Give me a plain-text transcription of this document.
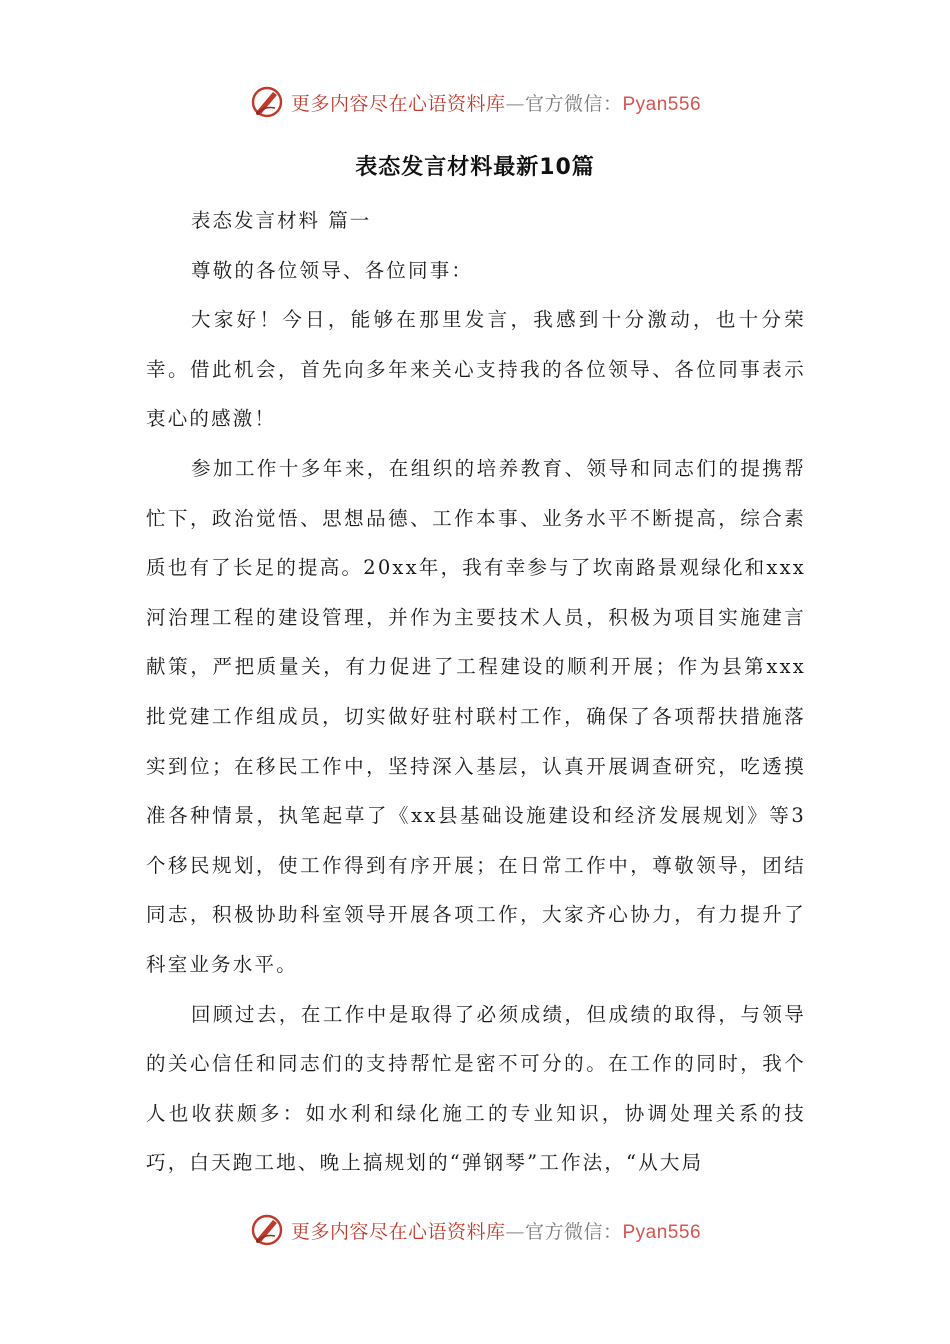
更多内容尽在心语资料库—官方微信：Pyan556
表态发言材料最新10篇

表态发言材料 篇一

尊敬的各位领导、各位同事：

大家好！今日，能够在那里发言，我感到十分激动，也十分荣幸。借此机会，首先向多年来关心支持我的各位领导、各位同事表示衷心的感激！

参加工作十多年来，在组织的培养教育、领导和同志们的提携帮忙下，政治觉悟、思想品德、工作本事、业务水平不断提高，综合素质也有了长足的提高。20xx年，我有幸参与了坎南路景观绿化和xxx河治理工程的建设管理，并作为主要技术人员，积极为项目实施建言献策，严把质量关，有力促进了工程建设的顺利开展；作为县第xxx批党建工作组成员，切实做好驻村联村工作，确保了各项帮扶措施落实到位；在移民工作中，坚持深入基层，认真开展调查研究，吃透摸准各种情景，执笔起草了《xx县基础设施建设和经济发展规划》等3个移民规划，使工作得到有序开展；在日常工作中，尊敬领导，团结同志，积极协助科室领导开展各项工作，大家齐心协力，有力提升了科室业务水平。

回顾过去，在工作中是取得了必须成绩，但成绩的取得，与领导的关心信任和同志们的支持帮忙是密不可分的。在工作的同时，我个人也收获颇多：如水利和绿化施工的专业知识，协调处理关系的技巧，白天跑工地、晚上搞规划的“弹钢琴”工作法，“从大局

更多内容尽在心语资料库—官方微信：Pyan556
